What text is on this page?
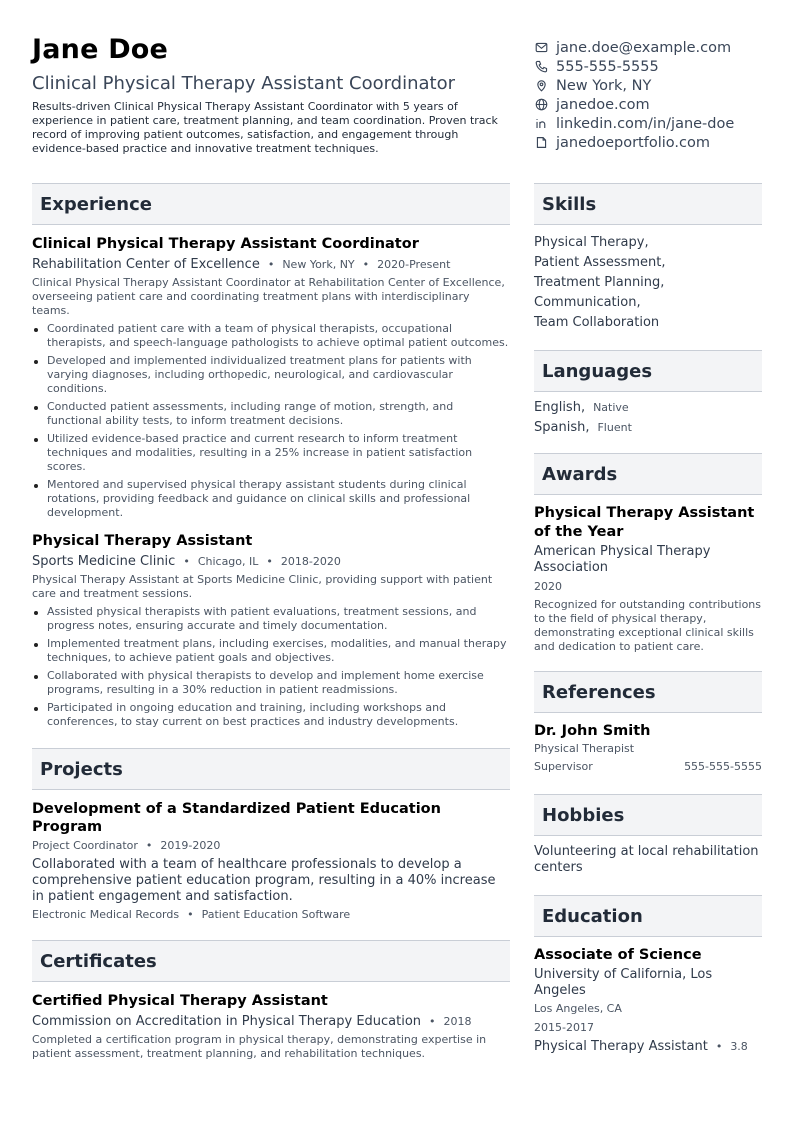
Jane Doe
Clinical Physical Therapy Assistant Coordinator
Results-driven Clinical Physical Therapy Assistant Coordinator with 5 years of experience in patient care, treatment planning, and team coordination. Proven track record of improving patient outcomes, satisfaction, and engagement through evidence-based practice and innovative treatment techniques.
jane.doe@example.com
555-555-5555
New York, NY
janedoe.com
linkedin.com/in/jane-doe
janedoeportfolio.com
Experience
Clinical Physical Therapy Assistant Coordinator
Rehabilitation Center of Excellence • New York, NY • 2020-Present
Clinical Physical Therapy Assistant Coordinator at Rehabilitation Center of Excellence, overseeing patient care and coordinating treatment plans with interdisciplinary teams.
Coordinated patient care with a team of physical therapists, occupational therapists, and speech-language pathologists to achieve optimal patient outcomes.
Developed and implemented individualized treatment plans for patients with varying diagnoses, including orthopedic, neurological, and cardiovascular conditions.
Conducted patient assessments, including range of motion, strength, and functional ability tests, to inform treatment decisions.
Utilized evidence-based practice and current research to inform treatment techniques and modalities, resulting in a 25% increase in patient satisfaction scores.
Mentored and supervised physical therapy assistant students during clinical rotations, providing feedback and guidance on clinical skills and professional development.
Physical Therapy Assistant
Sports Medicine Clinic • Chicago, IL • 2018-2020
Physical Therapy Assistant at Sports Medicine Clinic, providing support with patient care and treatment sessions.
Assisted physical therapists with patient evaluations, treatment sessions, and progress notes, ensuring accurate and timely documentation.
Implemented treatment plans, including exercises, modalities, and manual therapy techniques, to achieve patient goals and objectives.
Collaborated with physical therapists to develop and implement home exercise programs, resulting in a 30% reduction in patient readmissions.
Participated in ongoing education and training, including workshops and conferences, to stay current on best practices and industry developments.
Projects
Development of a Standardized Patient Education Program
Project Coordinator • 2019-2020
Collaborated with a team of healthcare professionals to develop a comprehensive patient education program, resulting in a 40% increase in patient engagement and satisfaction.
Electronic Medical Records • Patient Education Software
Certificates
Certified Physical Therapy Assistant
Commission on Accreditation in Physical Therapy Education • 2018
Completed a certification program in physical therapy, demonstrating expertise in patient assessment, treatment planning, and rehabilitation techniques.
Skills
Physical Therapy,
Patient Assessment,
Treatment Planning,
Communication,
Team Collaboration
Languages
English, Native
Spanish, Fluent
Awards
Physical Therapy Assistant of the Year
American Physical Therapy Association
2020
Recognized for outstanding contributions to the field of physical therapy, demonstrating exceptional clinical skills and dedication to patient care.
References
Dr. John Smith
Physical Therapist
Supervisor	555-555-5555
Hobbies
Volunteering at local rehabilitation centers
Education
Associate of Science
University of California, Los Angeles
Los Angeles, CA
2015-2017
Physical Therapy Assistant • 3.8
